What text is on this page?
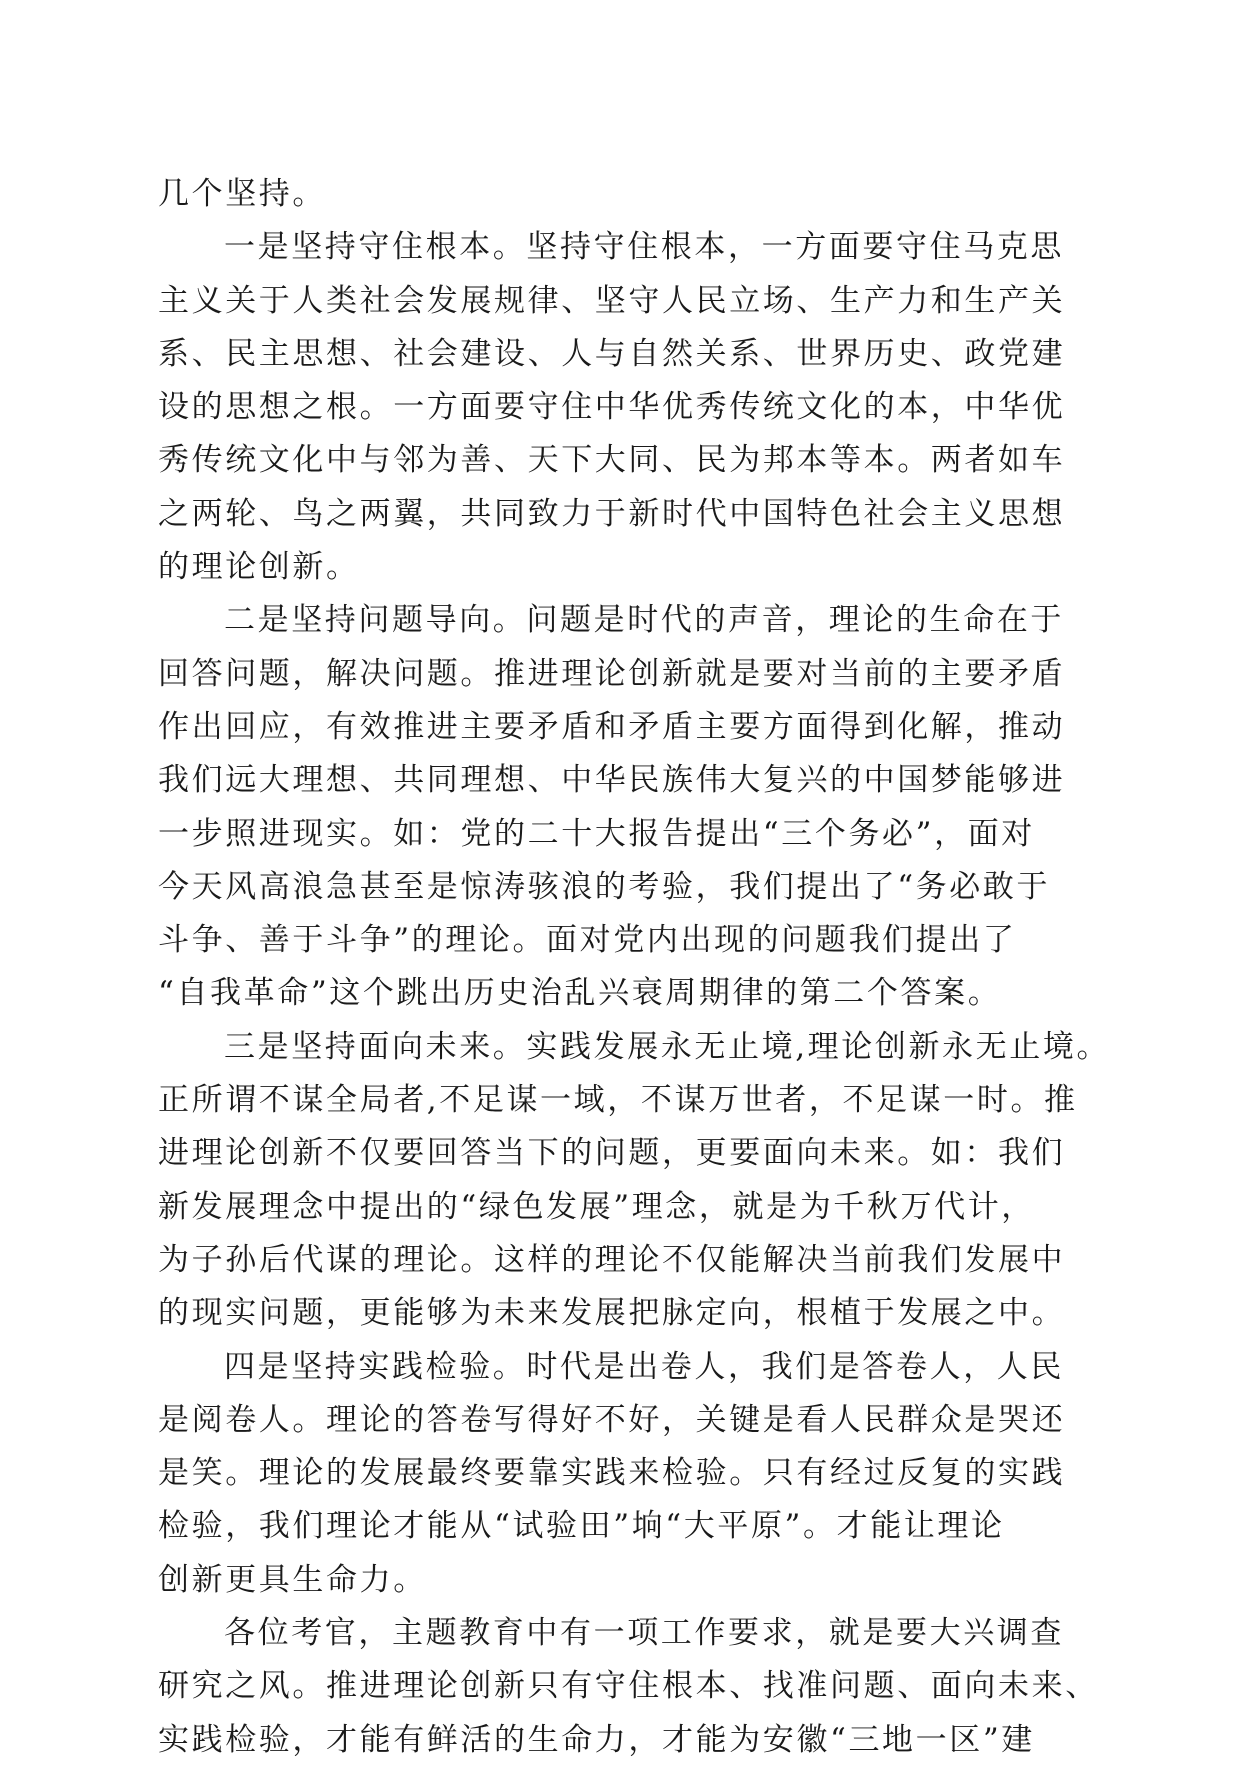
几个坚持。
一是坚持守住根本。坚持守住根本，一方面要守住马克思
主义关于人类社会发展规律、坚守人民立场、生产力和生产关
系、民主思想、社会建设、人与自然关系、世界历史、政党建
设的思想之根。一方面要守住中华优秀传统文化的本，中华优
秀传统文化中与邻为善、天下大同、民为邦本等本。两者如车
之两轮、鸟之两翼，共同致力于新时代中国特色社会主义思想
的理论创新。
二是坚持问题导向。问题是时代的声音，理论的生命在于
回答问题，解决问题。推进理论创新就是要对当前的主要矛盾
作出回应，有效推进主要矛盾和矛盾主要方面得到化解，推动
我们远大理想、共同理想、中华民族伟大复兴的中国梦能够进
一步照进现实。如：党的二十大报告提出“三个务必”，面对
今天风高浪急甚至是惊涛骇浪的考验，我们提出了“务必敢于
斗争、善于斗争”的理论。面对党内出现的问题我们提出了
“自我革命”这个跳出历史治乱兴衰周期律的第二个答案。
三是坚持面向未来。实践发展永无止境,理论创新永无止境。
正所谓不谋全局者,不足谋一域，不谋万世者，不足谋一时。推
进理论创新不仅要回答当下的问题，更要面向未来。如：我们
新发展理念中提出的“绿色发展”理念，就是为千秋万代计，
为子孙后代谋的理论。这样的理论不仅能解决当前我们发展中
的现实问题，更能够为未来发展把脉定向，根植于发展之中。
四是坚持实践检验。时代是出卷人，我们是答卷人，人民
是阅卷人。理论的答卷写得好不好，关键是看人民群众是哭还
是笑。理论的发展最终要靠实践来检验。只有经过反复的实践
检验，我们理论才能从“试验田”垧“大平原”。才能让理论
创新更具生命力。
各位考官，主题教育中有一项工作要求，就是要大兴调查
研究之风。推进理论创新只有守住根本、找准问题、面向未来、
实践检验，才能有鲜活的生命力，才能为安徽“三地一区”建
